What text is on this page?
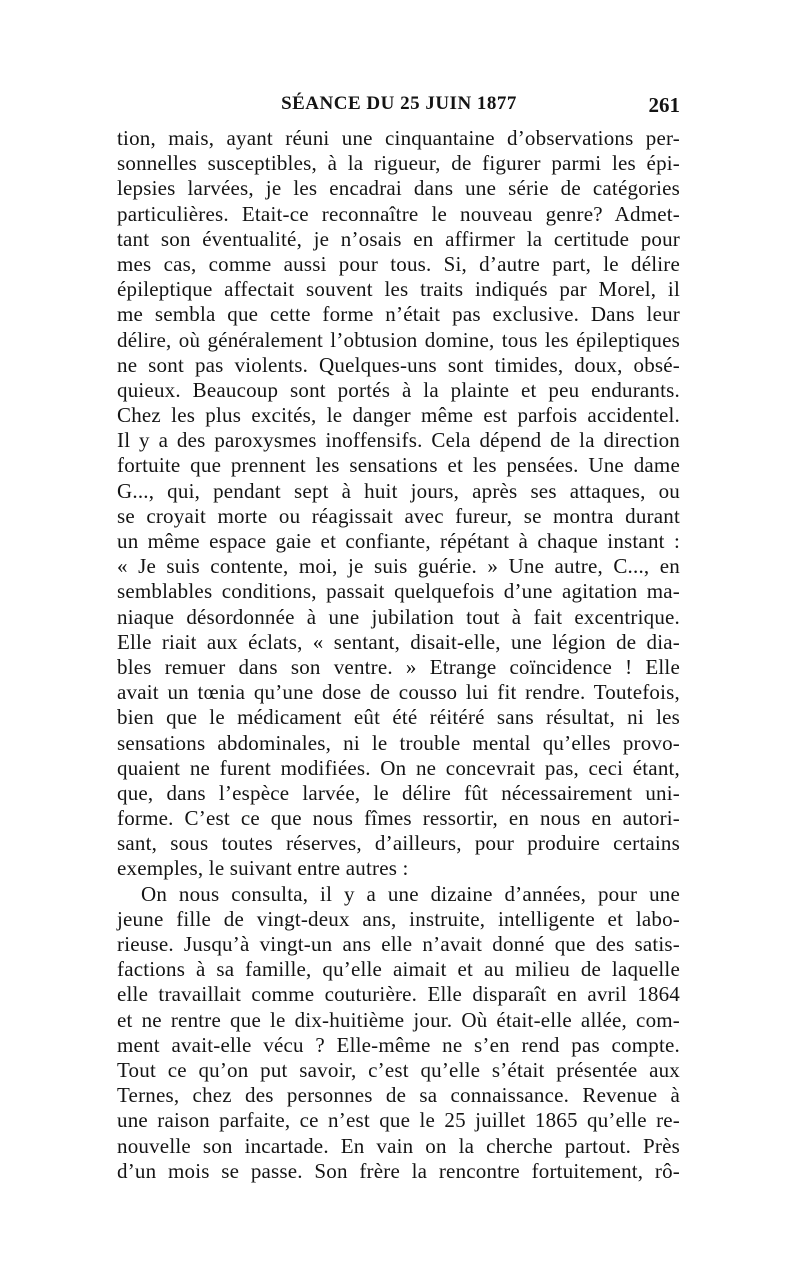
SÉANCE DU 25 JUIN 1877	261
tion, mais, ayant réuni une cinquantaine d’observations per-
sonnelles susceptibles, à la rigueur, de figurer parmi les épi-
lepsies larvées, je les encadrai dans une série de catégories
particulières. Etait-ce reconnaître le nouveau genre? Admet-
tant son éventualité, je n’osais en affirmer la certitude pour
mes cas, comme aussi pour tous. Si, d’autre part, le délire
épileptique affectait souvent les traits indiqués par Morel, il
me sembla que cette forme n’était pas exclusive. Dans leur
délire, où généralement l’obtusion domine, tous les épileptiques
ne sont pas violents. Quelques-uns sont timides, doux, obsé-
quieux. Beaucoup sont portés à la plainte et peu endurants.
Chez les plus excités, le danger même est parfois accidentel.
Il y a des paroxysmes inoffensifs. Cela dépend de la direction
fortuite que prennent les sensations et les pensées. Une dame
G..., qui, pendant sept à huit jours, après ses attaques, ou
se croyait morte ou réagissait avec fureur, se montra durant
un même espace gaie et confiante, répétant à chaque instant :
« Je suis contente, moi, je suis guérie. » Une autre, C..., en
semblables conditions, passait quelquefois d’une agitation ma-
niaque désordonnée à une jubilation tout à fait excentrique.
Elle riait aux éclats, « sentant, disait-elle, une légion de dia-
bles remuer dans son ventre. » Etrange coïncidence ! Elle
avait un tœnia qu’une dose de cousso lui fit rendre. Toutefois,
bien que le médicament eût été réitéré sans résultat, ni les
sensations abdominales, ni le trouble mental qu’elles provo-
quaient ne furent modifiées. On ne concevrait pas, ceci étant,
que, dans l’espèce larvée, le délire fût nécessairement uni-
forme. C’est ce que nous fîmes ressortir, en nous en autori-
sant, sous toutes réserves, d’ailleurs, pour produire certains
exemples, le suivant entre autres :
On nous consulta, il y a une dizaine d’années, pour une
jeune fille de vingt-deux ans, instruite, intelligente et labo-
rieuse. Jusqu’à vingt-un ans elle n’avait donné que des satis-
factions à sa famille, qu’elle aimait et au milieu de laquelle
elle travaillait comme couturière. Elle disparaît en avril 1864
et ne rentre que le dix-huitième jour. Où était-elle allée, com-
ment avait-elle vécu ? Elle-même ne s’en rend pas compte.
Tout ce qu’on put savoir, c’est qu’elle s’était présentée aux
Ternes, chez des personnes de sa connaissance. Revenue à
une raison parfaite, ce n’est que le 25 juillet 1865 qu’elle re-
nouvelle son incartade. En vain on la cherche partout. Près
d’un mois se passe. Son frère la rencontre fortuitement, rô-
